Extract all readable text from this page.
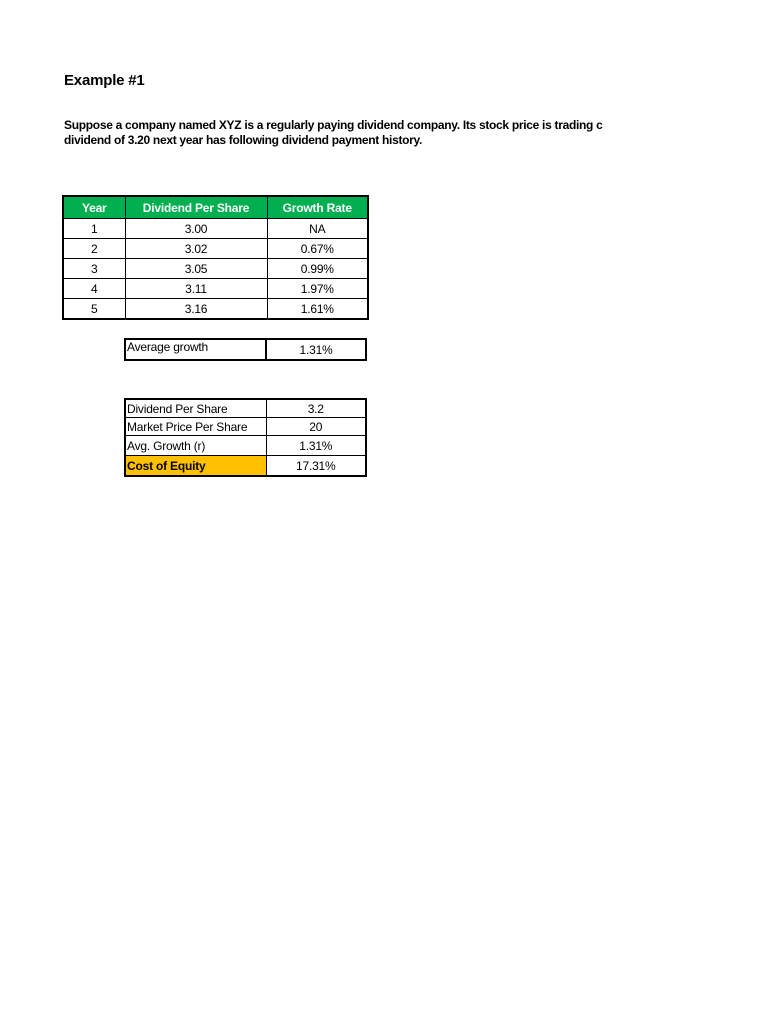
Example #1
Suppose a company named XYZ is a regularly paying dividend company. Its stock price is trading c
dividend of 3.20 next year has following dividend payment history.
Year	Dividend Per Share	Growth Rate
1	3.00	NA
2	3.02	0.67%
3	3.05	0.99%
4	3.11	1.97%
5	3.16	1.61%
Average growth	1.31%
Dividend Per Share	3.2
Market Price Per Share	20
Avg. Growth (r)	1.31%
Cost of Equity	17.31%
